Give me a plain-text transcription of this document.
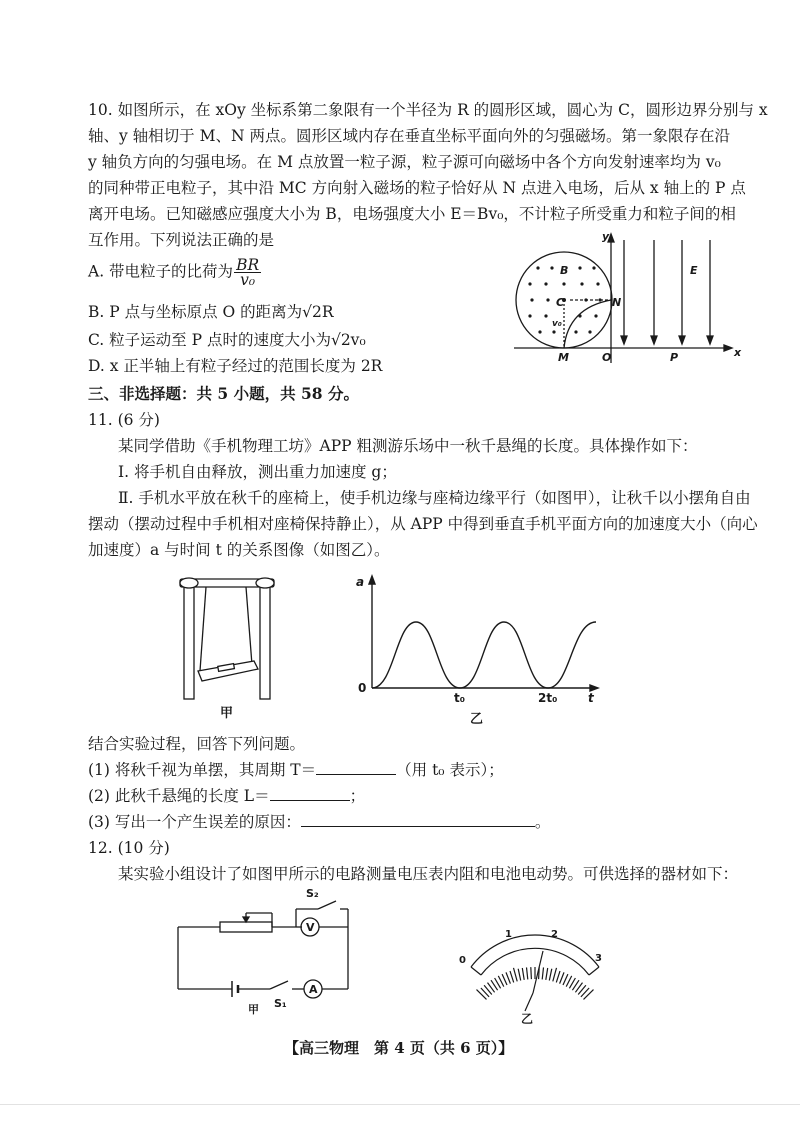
10. 如图所示，在 xOy 坐标系第二象限有一个半径为 R 的圆形区域，圆心为 C，圆形边界分别与 x
轴、y 轴相切于 M、N 两点。圆形区域内存在垂直坐标平面向外的匀强磁场。第一象限存在沿
y 轴负方向的匀强电场。在 M 点放置一粒子源，粒子源可向磁场中各个方向发射速率均为 v₀
的同种带正电粒子，其中沿 MC 方向射入磁场的粒子恰好从 N 点进入电场，后从 x 轴上的 P 点
离开电场。已知磁感应强度大小为 B，电场强度大小 E＝Bv₀，不计粒子所受重力和粒子间的相
互作用。下列说法正确的是
A. 带电粒子的比荷为 $\frac{BR}{\text{v₀}}$
B. P 点与坐标原点 O 的距离为√2R
C. 粒子运动至 P 点时的速度大小为√2v₀
D. x 正半轴上有粒子经过的范围长度为 2R
y
x
E
B
C	N
M	O	P
v₀
三、非选择题：共 5 小题，共 58 分。
11. (6 分)
某同学借助《手机物理工坊》APP 粗测游乐场中一秋千悬绳的长度。具体操作如下：
Ⅰ. 将手机自由释放，测出重力加速度 g；
Ⅱ. 手机水平放在秋千的座椅上，使手机边缘与座椅边缘平行（如图甲），让秋千以小摆角自由
摆动（摆动过程中手机相对座椅保持静止），从 APP 中得到垂直手机平面方向的加速度大小（向心
加速度）a 与时间 t 的关系图像（如图乙）。
甲
a
0
t₀	2t₀	t
乙
结合实验过程，回答下列问题。
(1) 将秋千视为单摆，其周期 T＝	（用 t₀ 表示）；
(2) 此秋千悬绳的长度 L＝	；
(3) 写出一个产生误差的原因：	。
12. (10 分)
某实验小组设计了如图甲所示的电路测量电压表内阻和电池电动势。可供选择的器材如下：
S₂
S₁
V
A
甲
0
1	2
3
乙
【高三物理　第 4 页（共 6 页）】
